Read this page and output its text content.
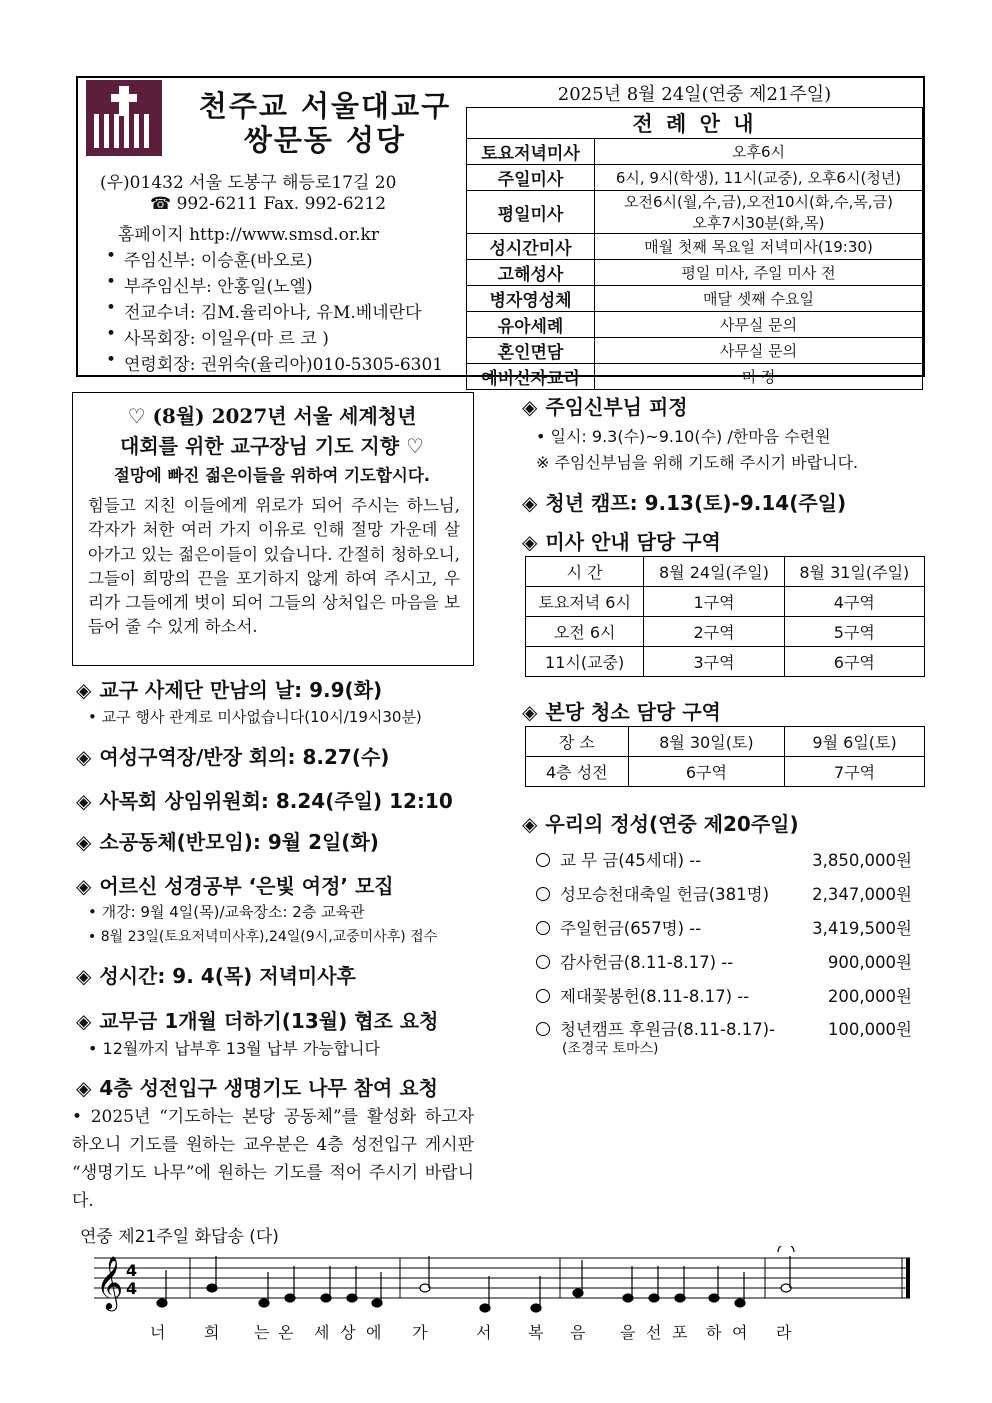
천주교 서울대교구
쌍문동 성당
(우)01432 서울 도봉구 해등로17길 20
☎ 992-6211 Fax. 992-6212
홈페이지 http://www.smsd.or.kr
• 주임신부: 이승훈(바오로)
• 부주임신부: 안홍일(노엘)
• 전교수녀: 김M.율리아나, 유M.베네란다
• 사목회장: 이일우(마 르 코 )
• 연령회장: 권위숙(율리아)010-5305-6301
2025년 8월 24일(연중 제21주일)
전 례 안 내	
토요저녁미사	오후6시
주일미사	6시, 9시(학생), 11시(교중), 오후6시(청년)
평일미사	오전6시(월,수,금),오전10시(화,수,목,금)
오후7시30분(화,목)

성시간미사	매월 첫째 목요일 저녁미사(19:30)
고해성사	평일 미사, 주일 미사 전
병자영성체	매달 셋째 수요일
유아세례	사무실 문의
혼인면담	사무실 문의
예비신자교리	미 정
♡ (8월) 2027년 서울 세계청년
대회를 위한 교구장님 기도 지향 ♡
절망에 빠진 젊은이들을 위하여 기도합시다.
힘들고 지친 이들에게 위로가 되어 주시는 하느님, 각자가 처한 여러 가지 이유로 인해 절망 가운데 살아가고 있는 젊은이들이 있습니다. 간절히 청하오니, 그들이 희망의 끈을 포기하지 않게 하여 주시고, 우리가 그들에게 벗이 되어 그들의 상처입은 마음을 보듬어 줄 수 있게 하소서.
◈ 교구 사제단 만남의 날: 9.9(화)
• 교구 행사 관계로 미사없습니다(10시/19시30분)
◈ 여성구역장/반장 회의: 8.27(수)
◈ 사목회 상임위원회: 8.24(주일) 12:10
◈ 소공동체(반모임): 9월 2일(화)
◈ 어르신 성경공부 ‘은빛 여정’ 모집
• 개강: 9월 4일(목)/교육장소: 2층 교육관
• 8월 23일(토요저녁미사후),24일(9시,교중미사후) 접수
◈ 성시간: 9. 4(목) 저녁미사후
◈ 교무금 1개월 더하기(13월) 협조 요청
• 12월까지 납부후 13월 납부 가능합니다
◈ 4층 성전입구 생명기도 나무 참여 요청
• 2025년 “기도하는 본당 공동체”를 활성화 하고자 하오니 기도를 원하는 교우분은 4층 성전입구 게시판 “생명기도 나무”에 원하는 기도를 적어 주시기 바랍니다.
◈ 주임신부님 피정
• 일시: 9.3(수)~9.10(수) /한마음 수련원
※ 주임신부님을 위해 기도해 주시기 바랍니다.
◈ 청년 캠프: 9.13(토)-9.14(주일)
◈ 미사 안내 담당 구역
시 간	8월 24일(주일)	8월 31일(주일)
토요저녁 6시	1구역	4구역
오전 6시	2구역	5구역
11시(교중)	3구역	6구역
◈ 본당 청소 담당 구역
장 소	8월 30일(토)	9월 6일(토)
4층 성전	6구역	7구역
◈ 우리의 정성(연중 제20주일)
교 무 금(45세대) --	3,850,000원
성모승천대축일 헌금(381명)	2,347,000원
주일헌금(657명) --	3,419,500원
감사헌금(8.11-8.17) --	900,000원
제대꽃봉헌(8.11-8.17) --	200,000원
청년캠프 후원금(8.11-8.17)-	100,000원
(조경국 토마스)
연중 제21주일 화답송 (다)
𝄞 4
4
너 희 는 온 세 상 에 가	서 복 음 을 선 포 하 여 라
